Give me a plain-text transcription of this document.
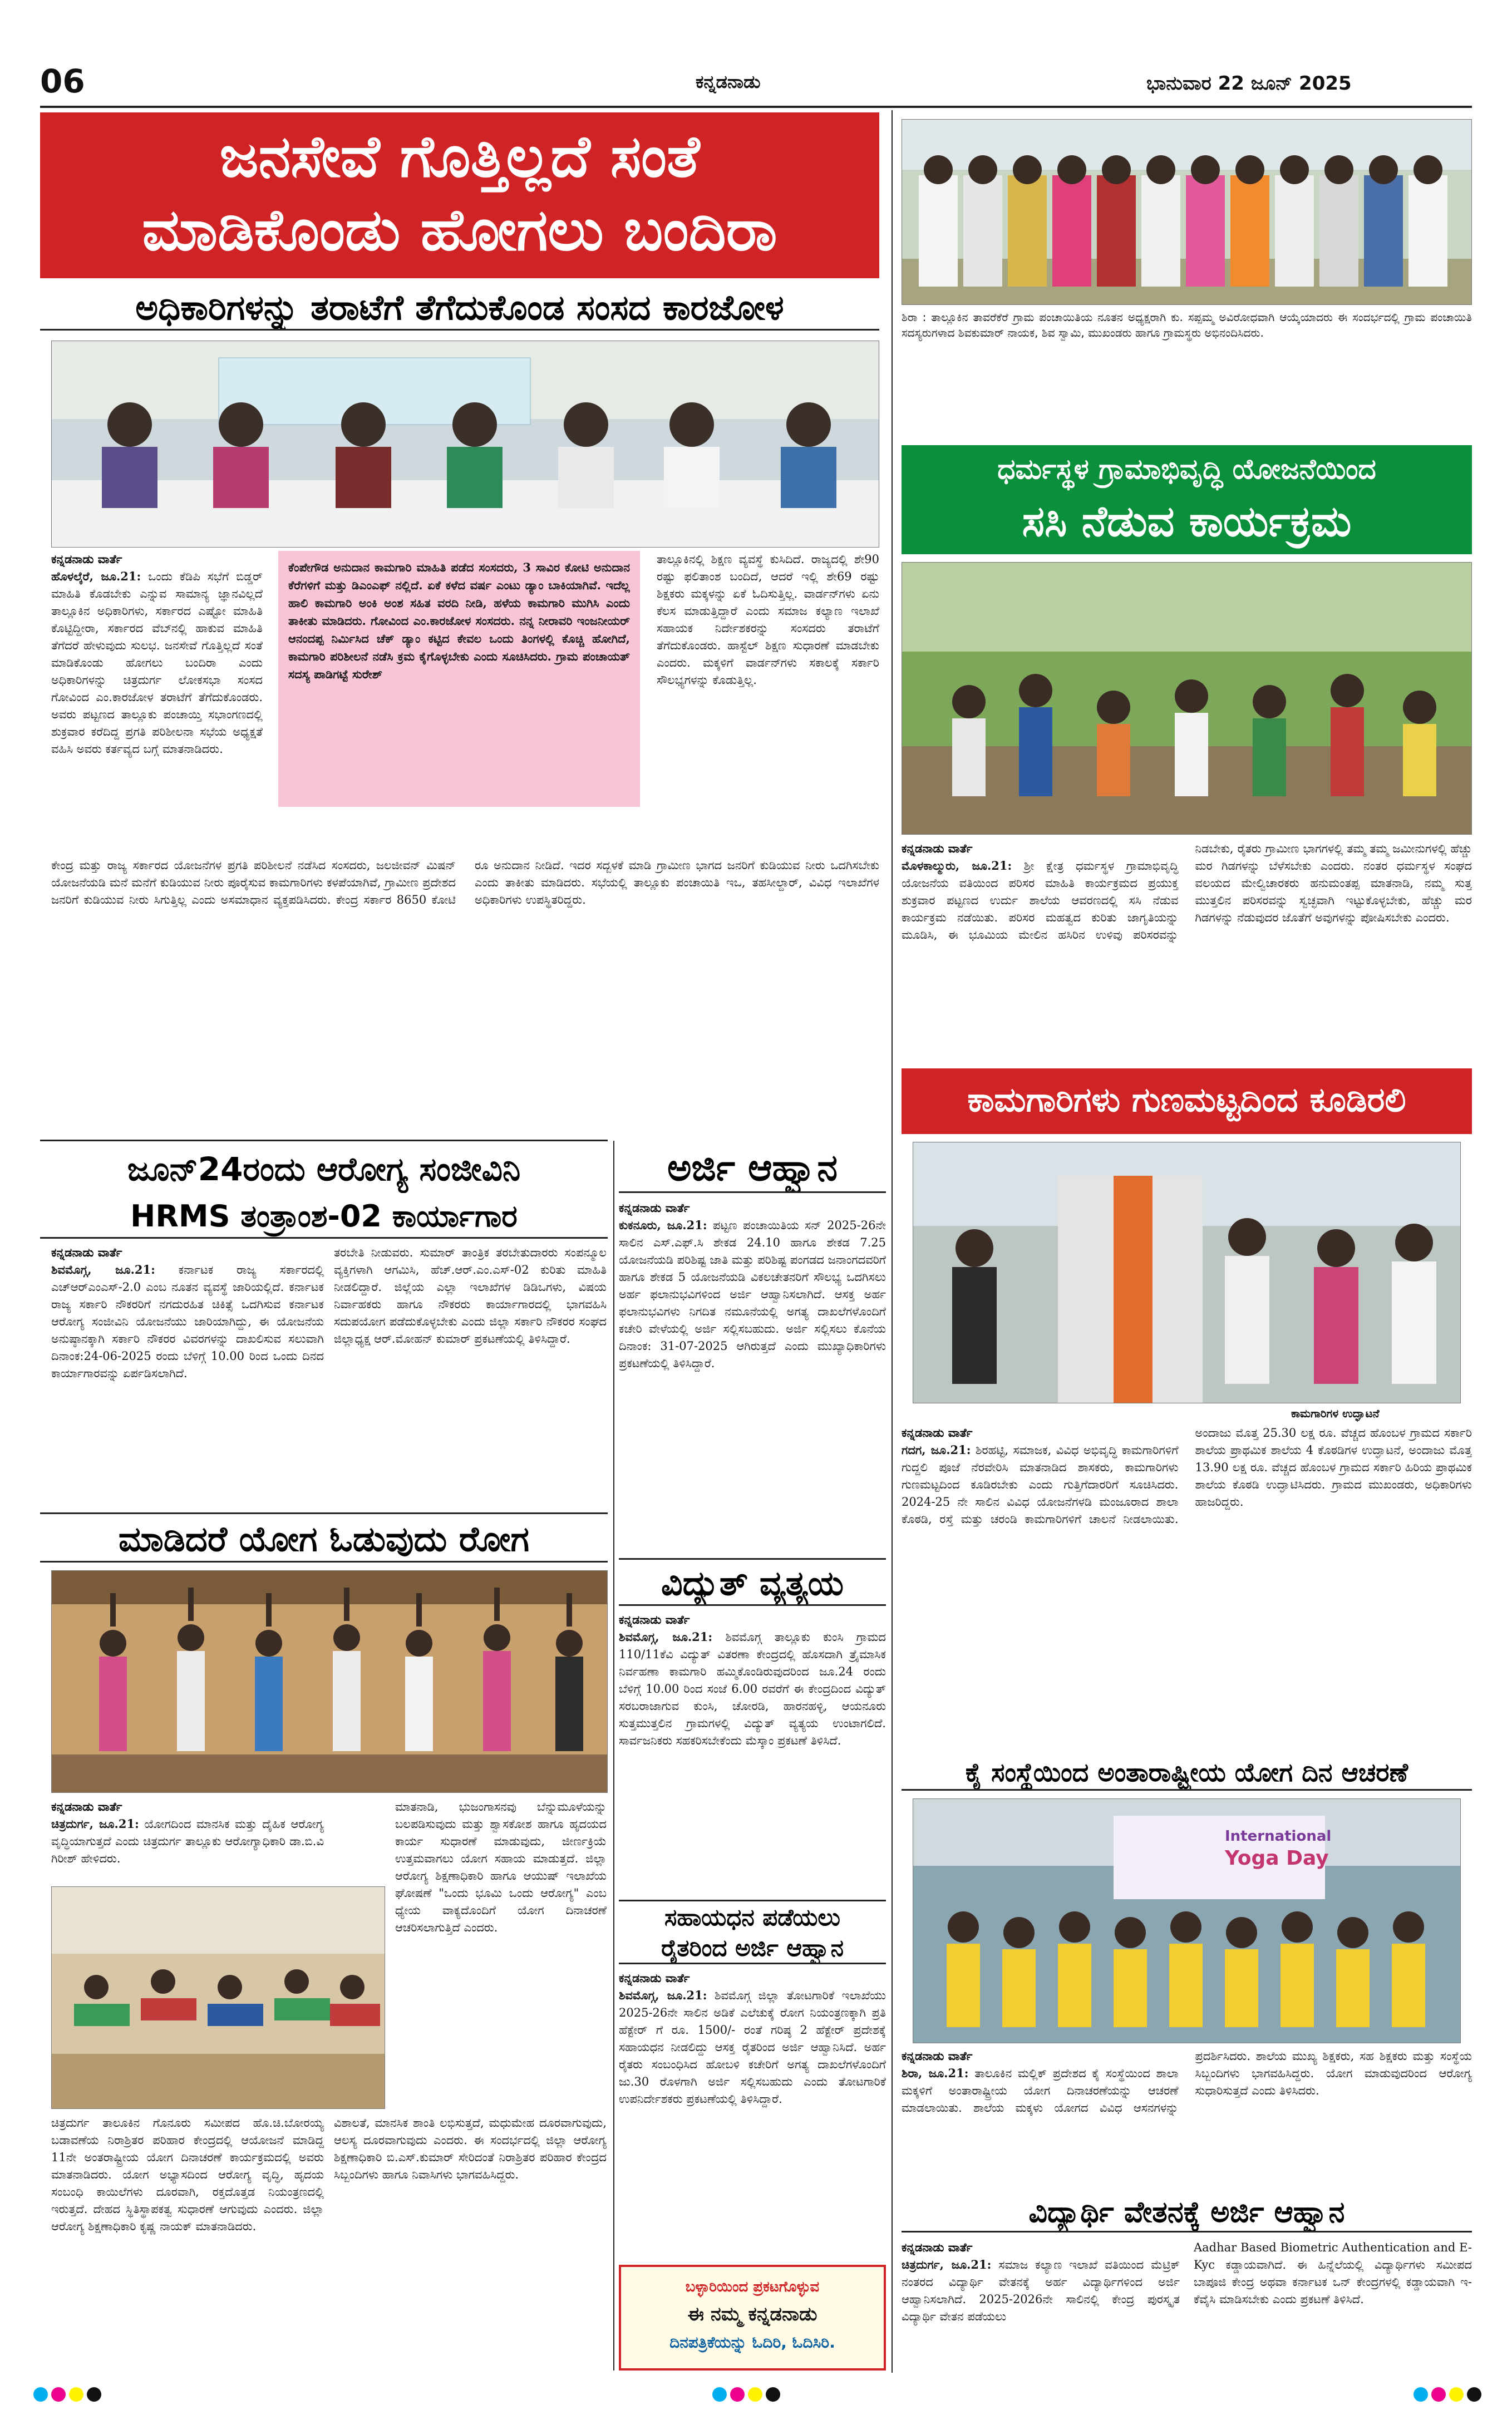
06	ಕನ್ನಡನಾಡು	ಭಾನುವಾರ 22 ಜೂನ್ 2025
ಜನಸೇವೆ ಗೊತ್ತಿಲ್ಲದೆ ಸಂತೆ
ಮಾಡಿಕೊಂಡು ಹೋಗಲು ಬಂದಿರಾ
ಅಧಿಕಾರಿಗಳನ್ನು ತರಾಟೆಗೆ ತೆಗೆದುಕೊಂಡ ಸಂಸದ ಕಾರಜೋಳ
ಕನ್ನಡನಾಡು ವಾರ್ತೆ
ಹೊಳಲ್ಕೆರೆ, ಜೂ.21: ಒಂದು ಕೆಡಿಪಿ ಸಭೆಗೆ ಬಿಡ್ಡರ್ ಮಾಹಿತಿ ಕೊಡಬೇಕು ಎನ್ನುವ ಸಾಮಾನ್ಯ ಜ್ಞಾನವಿಲ್ಲದೆ ತಾಲ್ಲೂಕಿನ ಅಧಿಕಾರಿಗಳು, ಸರ್ಕಾರದ ಎಷ್ಟೋ ಮಾಹಿತಿ ಕೊಟ್ಟಿದ್ದೀರಾ, ಸರ್ಕಾರದ ವೆಬ್‍ನಲ್ಲಿ ಹಾಕುವ ಮಾಹಿತಿ ತೆಗೆದರೆ ಹೇಳುವುದು ಸುಲಭ. ಜನಸೇವೆ ಗೊತ್ತಿಲ್ಲದೆ ಸಂತೆ ಮಾಡಿಕೊಂಡು ಹೋಗಲು ಬಂದಿರಾ ಎಂದು ಅಧಿಕಾರಿಗಳನ್ನು ಚಿತ್ರದುರ್ಗ ಲೋಕಸಭಾ ಸಂಸದ ಗೋವಿಂದ ಎಂ.ಕಾರಜೋಳ ತರಾಟೆಗೆ ತೆಗೆದುಕೊಂಡರು. ಅವರು ಪಟ್ಟಣದ ತಾಲ್ಲೂಕು ಪಂಚಾಯ್ತಿ ಸಭಾಂಗಣದಲ್ಲಿ ಶುಕ್ರವಾರ ಕರೆದಿದ್ದ ಪ್ರಗತಿ ಪರಿಶೀಲನಾ ಸಭೆಯ ಅಧ್ಯಕ್ಷತೆ ವಹಿಸಿ ಅವರು ಕರ್ತವ್ಯದ ಬಗ್ಗೆ ಮಾತನಾಡಿದರು.
ಕೆಂಪೇಗೌಡ ಅನುದಾನ ಕಾಮಗಾರಿ ಮಾಹಿತಿ ಪಡೆದ ಸಂಸದರು, 3 ಸಾವಿರ ಕೋಟಿ ಅನುದಾನ ಕೆರೆಗಳಿಗೆ ಮತ್ತು ಡಿಎಂಎಫ್ ನಲ್ಲಿದೆ. ಏಕೆ ಕಳೆದ ವರ್ಷ ಎಂಟು ಡ್ಯಾಂ ಬಾಕಿಯಾಗಿವೆ. ಇದೆಲ್ಲ ಹಾಲಿ ಕಾಮಗಾರಿ ಅಂಕಿ ಅಂಶ ಸಹಿತ ವರದಿ ನೀಡಿ, ಹಳೆಯ ಕಾಮಗಾರಿ ಮುಗಿಸಿ ಎಂದು ತಾಕೀತು ಮಾಡಿದರು. ಗೋವಿಂದ ಎಂ.ಕಾರಜೋಳ ಸಂಸದರು. ನನ್ನ ನೀರಾವರಿ ಇಂಜನೀಯರ್ ಆನಂದಪ್ಪ ನಿರ್ಮಿಸಿದ ಚೆಕ್ ಡ್ಯಾಂ ಕಟ್ಟಿದ ಕೇವಲ ಒಂದು ತಿಂಗಳಲ್ಲಿ ಕೊಚ್ಚಿ ಹೋಗಿದೆ, ಕಾಮಗಾರಿ ಪರಿಶೀಲನೆ ನಡೆಸಿ ಕ್ರಮ ಕೈಗೊಳ್ಳಬೇಕು ಎಂದು ಸೂಚಿಸಿದರು. ಗ್ರಾಮ ಪಂಚಾಯತ್ ಸದಸ್ಯ ಪಾಡಿಗಟ್ಟೆ ಸುರೇಶ್
ತಾಲ್ಲೂಕಿನಲ್ಲಿ ಶಿಕ್ಷಣ ವ್ಯವಸ್ಥೆ ಕುಸಿದಿದೆ. ರಾಜ್ಯದಲ್ಲಿ ಶೇ90 ರಷ್ಟು ಫಲಿತಾಂಶ ಬಂದಿದೆ, ಆದರೆ ಇಲ್ಲಿ ಶೇ69 ರಷ್ಟು ಶಿಕ್ಷಕರು ಮಕ್ಕಳನ್ನು ಏಕೆ ಓದಿಸುತ್ತಿಲ್ಲ. ವಾರ್ಡನ್‍ಗಳು ಏನು ಕೆಲಸ ಮಾಡುತ್ತಿದ್ದಾರೆ ಎಂದು ಸಮಾಜ ಕಲ್ಯಾಣ ಇಲಾಖೆ ಸಹಾಯಕ ನಿರ್ದೇಶಕರನ್ನು ಸಂಸದರು ತರಾಟೆಗೆ ತೆಗೆದುಕೊಂಡರು. ಹಾಸ್ಟೆಲ್ ಶಿಕ್ಷಣ ಸುಧಾರಣೆ ಮಾಡಬೇಕು ಎಂದರು. ಮಕ್ಕಳಿಗೆ ವಾರ್ಡನ್‍ಗಳು ಸಕಾಲಕ್ಕೆ ಸರ್ಕಾರಿ ಸೌಲಭ್ಯಗಳನ್ನು ಕೊಡುತ್ತಿಲ್ಲ.
ಕೇಂದ್ರ ಮತ್ತು ರಾಜ್ಯ ಸರ್ಕಾರದ ಯೋಜನೆಗಳ ಪ್ರಗತಿ ಪರಿಶೀಲನೆ ನಡೆಸಿದ ಸಂಸದರು, ಜಲಜೀವನ್ ಮಿಷನ್ ಯೋಜನೆಯಡಿ ಮನೆ ಮನೆಗೆ ಕುಡಿಯುವ ನೀರು ಪೂರೈಸುವ ಕಾಮಗಾರಿಗಳು ಕಳಪೆಯಾಗಿವೆ, ಗ್ರಾಮೀಣ ಪ್ರದೇಶದ ಜನರಿಗೆ ಕುಡಿಯುವ ನೀರು ಸಿಗುತ್ತಿಲ್ಲ ಎಂದು ಅಸಮಾಧಾನ ವ್ಯಕ್ತಪಡಿಸಿದರು. ಕೇಂದ್ರ ಸರ್ಕಾರ 8650 ಕೋಟಿ ರೂ ಅನುದಾನ ನೀಡಿದೆ. ಇದರ ಸದ್ಬಳಕೆ ಮಾಡಿ ಗ್ರಾಮೀಣ ಭಾಗದ ಜನರಿಗೆ ಕುಡಿಯುವ ನೀರು ಒದಗಿಸಬೇಕು ಎಂದು ತಾಕೀತು ಮಾಡಿದರು. ಸಭೆಯಲ್ಲಿ ತಾಲ್ಲೂಕು ಪಂಚಾಯಿತಿ ಇಒ, ತಹಸೀಲ್ದಾರ್, ವಿವಿಧ ಇಲಾಖೆಗಳ ಅಧಿಕಾರಿಗಳು ಉಪಸ್ಥಿತರಿದ್ದರು.
ಶಿರಾ : ತಾಲ್ಲೂಕಿನ ತಾವರೆಕೆರೆ ಗ್ರಾಮ ಪಂಚಾಯಿತಿಯ ನೂತನ ಅಧ್ಯಕ್ಷರಾಗಿ ಕು. ಸಪ್ಪಮ್ಮ ಅವಿರೋಧವಾಗಿ ಆಯ್ಕೆಯಾದರು ಈ ಸಂದರ್ಭದಲ್ಲಿ ಗ್ರಾಮ ಪಂಚಾಯಿತಿ ಸದಸ್ಯರುಗಳಾದ ಶಿವಕುಮಾರ್ ನಾಯಕ, ಶಿವ ಸ್ವಾಮಿ, ಮುಖಂಡರು ಹಾಗೂ ಗ್ರಾಮಸ್ಥರು ಅಭಿನಂದಿಸಿದರು.
ಧರ್ಮಸ್ಥಳ ಗ್ರಾಮಾಭಿವೃದ್ಧಿ ಯೋಜನೆಯಿಂದ
ಸಸಿ ನೆಡುವ ಕಾರ್ಯಕ್ರಮ
ಕನ್ನಡನಾಡು ವಾರ್ತೆ
ಮೊಳಕಾಲ್ಮುರು, ಜೂ.21: ಶ್ರೀ ಕ್ಷೇತ್ರ ಧರ್ಮಸ್ಥಳ ಗ್ರಾಮಾಭಿವೃದ್ಧಿ ಯೋಜನೆಯ ವತಿಯಿಂದ ಪರಿಸರ ಮಾಹಿತಿ ಕಾರ್ಯಕ್ರಮದ ಪ್ರಯುಕ್ತ ಶುಕ್ರವಾರ ಪಟ್ಟಣದ ಉರ್ದು ಶಾಲೆಯ ಆವರಣದಲ್ಲಿ ಸಸಿ ನೆಡುವ ಕಾರ್ಯಕ್ರಮ ನಡೆಯಿತು. ಪರಿಸರ ಮಹತ್ವದ ಕುರಿತು ಜಾಗೃತಿಯನ್ನು ಮೂಡಿಸಿ, ಈ ಭೂಮಿಯ ಮೇಲಿನ ಹಸಿರಿನ ಉಳಿವು ಪರಿಸರವನ್ನು ನಿಡಬೇಕು, ರೈತರು ಗ್ರಾಮೀಣ ಭಾಗಗಳಲ್ಲಿ ತಮ್ಮ ತಮ್ಮ ಜಮೀನುಗಳಲ್ಲಿ ಹೆಚ್ಚು ಮರ ಗಿಡಗಳನ್ನು ಬೆಳೆಸಬೇಕು ಎಂದರು. ನಂತರ ಧರ್ಮಸ್ಥಳ ಸಂಘದ ವಲಯದ ಮೇಲ್ವಿಚಾರಕರು ಹನುಮಂತಪ್ಪ ಮಾತನಾಡಿ, ನಮ್ಮ ಸುತ್ತ ಮುತ್ತಲಿನ ಪರಿಸರವನ್ನು ಸ್ವಚ್ಛವಾಗಿ ಇಟ್ಟುಕೊಳ್ಳಬೇಕು, ಹೆಚ್ಚು ಮರ ಗಿಡಗಳನ್ನು ನೆಡುವುದರ ಜೊತೆಗೆ ಅವುಗಳನ್ನು ಪೋಷಿಸಬೇಕು ಎಂದರು.
ಕಾಮಗಾರಿಗಳು ಗುಣಮಟ್ಟದಿಂದ ಕೂಡಿರಲಿ
ಕಾಮಗಾರಿಗಳ ಉದ್ಘಾಟನೆ
ಕನ್ನಡನಾಡು ವಾರ್ತೆ
ಗದಗ, ಜೂ.21: ಶಿರಹಟ್ಟಿ, ಸಮಾಜಕ, ವಿವಿಧ ಅಭಿವೃದ್ಧಿ ಕಾಮಗಾರಿಗಳಿಗೆ ಗುದ್ದಲಿ ಪೂಜೆ ನೆರವೇರಿಸಿ ಮಾತನಾಡಿದ ಶಾಸಕರು, ಕಾಮಗಾರಿಗಳು ಗುಣಮಟ್ಟದಿಂದ ಕೂಡಿರಬೇಕು ಎಂದು ಗುತ್ತಿಗೆದಾರರಿಗೆ ಸೂಚಿಸಿದರು. 2024-25 ನೇ ಸಾಲಿನ ವಿವಿಧ ಯೋಜನೆಗಳಡಿ ಮಂಜೂರಾದ ಶಾಲಾ ಕೊಠಡಿ, ರಸ್ತೆ ಮತ್ತು ಚರಂಡಿ ಕಾಮಗಾರಿಗಳಿಗೆ ಚಾಲನೆ ನೀಡಲಾಯಿತು. ಅಂದಾಜು ಮೊತ್ತ 25.30 ಲಕ್ಷ ರೂ. ವೆಚ್ಚದ ಹೊಂಬಳ ಗ್ರಾಮದ ಸರ್ಕಾರಿ ಶಾಲೆಯ ಪ್ರಾಥಮಿಕ ಶಾಲೆಯ 4 ಕೊಠಡಿಗಳ ಉದ್ಘಾಟನೆ, ಅಂದಾಜು ಮೊತ್ತ 13.90 ಲಕ್ಷ ರೂ. ವೆಚ್ಚದ ಹೊಂಬಳ ಗ್ರಾಮದ ಸರ್ಕಾರಿ ಹಿರಿಯ ಪ್ರಾಥಮಿಕ ಶಾಲೆಯ ಕೊಠಡಿ ಉದ್ಘಾಟಿಸಿದರು. ಗ್ರಾಮದ ಮುಖಂಡರು, ಅಧಿಕಾರಿಗಳು ಹಾಜರಿದ್ದರು.
ಕೈ ಸಂಸ್ಥೆಯಿಂದ ಅಂತಾರಾಷ್ಟ್ರೀಯ ಯೋಗ ದಿನ ಆಚರಣೆ
International
Yoga Day
ಕನ್ನಡನಾಡು ವಾರ್ತೆ
ಶಿರಾ, ಜೂ.21: ತಾಲೂಕಿನ ಮಲ್ಲಿಕ್ ಪ್ರದೇಶದ ಕೈ ಸಂಸ್ಥೆಯಿಂದ ಶಾಲಾ ಮಕ್ಕಳಿಗೆ ಅಂತಾರಾಷ್ಟ್ರೀಯ ಯೋಗ ದಿನಾಚರಣೆಯನ್ನು ಆಚರಣೆ ಮಾಡಲಾಯಿತು. ಶಾಲೆಯ ಮಕ್ಕಳು ಯೋಗದ ವಿವಿಧ ಆಸನಗಳನ್ನು ಪ್ರದರ್ಶಿಸಿದರು. ಶಾಲೆಯ ಮುಖ್ಯ ಶಿಕ್ಷಕರು, ಸಹ ಶಿಕ್ಷಕರು ಮತ್ತು ಸಂಸ್ಥೆಯ ಸಿಬ್ಬಂದಿಗಳು ಭಾಗವಹಿಸಿದ್ದರು. ಯೋಗ ಮಾಡುವುದರಿಂದ ಆರೋಗ್ಯ ಸುಧಾರಿಸುತ್ತದೆ ಎಂದು ತಿಳಿಸಿದರು.
ವಿದ್ಯಾರ್ಥಿ ವೇತನಕ್ಕೆ ಅರ್ಜಿ ಆಹ್ವಾನ
ಕನ್ನಡನಾಡು ವಾರ್ತೆ
ಚಿತ್ರದುರ್ಗ, ಜೂ.21: ಸಮಾಜ ಕಲ್ಯಾಣ ಇಲಾಖೆ ವತಿಯಿಂದ ಮೆಟ್ರಿಕ್ ನಂತರದ ವಿದ್ಯಾರ್ಥಿ ವೇತನಕ್ಕೆ ಅರ್ಹ ವಿದ್ಯಾರ್ಥಿಗಳಿಂದ ಅರ್ಜಿ ಆಹ್ವಾನಿಸಲಾಗಿದೆ. 2025-2026ನೇ ಸಾಲಿನಲ್ಲಿ ಕೇಂದ್ರ ಪುರಸ್ಕೃತ ವಿದ್ಯಾರ್ಥಿ ವೇತನ ಪಡೆಯಲು
Aadhar Based Biometric Authentication and E-Kyc ಕಡ್ಡಾಯವಾಗಿದೆ. ಈ ಹಿನ್ನೆಲೆಯಲ್ಲಿ ವಿದ್ಯಾರ್ಥಿಗಳು ಸಮೀಪದ ಬಾಪೂಜಿ ಕೇಂದ್ರ ಅಥವಾ ಕರ್ನಾಟಕ ಒನ್ ಕೇಂದ್ರಗಳಲ್ಲಿ ಕಡ್ಡಾಯವಾಗಿ ಇ-ಕೆವೈಸಿ ಮಾಡಿಸಬೇಕು ಎಂದು ಪ್ರಕಟಣೆ ತಿಳಿಸಿದೆ.
ಜೂನ್24ರಂದು ಆರೋಗ್ಯ ಸಂಜೀವಿನಿ
HRMS ತಂತ್ರಾಂಶ-02 ಕಾರ್ಯಾಗಾರ
ಕನ್ನಡನಾಡು ವಾರ್ತೆ
ಶಿವಮೊಗ್ಗ, ಜೂ.21: ಕರ್ನಾಟಕ ರಾಜ್ಯ ಸರ್ಕಾರದಲ್ಲಿ ಎಚ್‍ಆರ್‍ಎಂಎಸ್-2.0 ಎಂಬ ನೂತನ ವ್ಯವಸ್ಥೆ ಜಾರಿಯಲ್ಲಿದೆ. ಕರ್ನಾಟಕ ರಾಜ್ಯ ಸರ್ಕಾರಿ ನೌಕರರಿಗೆ ನಗದುರಹಿತ ಚಿಕಿತ್ಸೆ ಒದಗಿಸುವ ಕರ್ನಾಟಕ ಆರೋಗ್ಯ ಸಂಜೀವಿನಿ ಯೋಜನೆಯು ಜಾರಿಯಾಗಿದ್ದು, ಈ ಯೋಜನೆಯ ಅನುಷ್ಠಾನಕ್ಕಾಗಿ ಸರ್ಕಾರಿ ನೌಕರರ ವಿವರಗಳನ್ನು ದಾಖಲಿಸುವ ಸಲುವಾಗಿ ದಿನಾಂಕ:24-06-2025 ರಂದು ಬೆಳಿಗ್ಗೆ 10.00 ರಿಂದ ಒಂದು ದಿನದ ಕಾರ್ಯಾಗಾರವನ್ನು ಏರ್ಪಡಿಸಲಾಗಿದೆ.
ತರಬೇತಿ ನೀಡುವರು. ಸುಮಾರ್ ತಾಂತ್ರಿಕ ತರಬೇತುದಾರರು ಸಂಪನ್ಮೂಲ ವ್ಯಕ್ತಿಗಳಾಗಿ ಆಗಮಿಸಿ, ಹೆಚ್.ಆರ್.ಎಂ.ಎಸ್-02 ಕುರಿತು ಮಾಹಿತಿ ನೀಡಲಿದ್ದಾರೆ. ಜಿಲ್ಲೆಯ ಎಲ್ಲಾ ಇಲಾಖೆಗಳ ಡಿಡಿಒಗಳು, ವಿಷಯ ನಿರ್ವಾಹಕರು ಹಾಗೂ ನೌಕರರು ಕಾರ್ಯಾಗಾರದಲ್ಲಿ ಭಾಗವಹಿಸಿ ಸದುಪಯೋಗ ಪಡೆದುಕೊಳ್ಳಬೇಕು ಎಂದು ಜಿಲ್ಲಾ ಸರ್ಕಾರಿ ನೌಕರರ ಸಂಘದ ಜಿಲ್ಲಾಧ್ಯಕ್ಷ ಆರ್.ಮೋಹನ್ ಕುಮಾರ್ ಪ್ರಕಟಣೆಯಲ್ಲಿ ತಿಳಿಸಿದ್ದಾರೆ.
ಮಾಡಿದರೆ ಯೋಗ ಓಡುವುದು ರೋಗ
ಕನ್ನಡನಾಡು ವಾರ್ತೆ
ಚಿತ್ರದುರ್ಗ, ಜೂ.21: ಯೋಗದಿಂದ ಮಾನಸಿಕ ಮತ್ತು ದೈಹಿಕ ಆರೋಗ್ಯ ವೃದ್ಧಿಯಾಗುತ್ತದೆ ಎಂದು ಚಿತ್ರದುರ್ಗ ತಾಲ್ಲೂಕು ಆರೋಗ್ಯಾಧಿಕಾರಿ ಡಾ.ಬಿ.ವಿ ಗಿರೀಶ್ ಹೇಳಿದರು.
ಮಾತನಾಡಿ, ಭುಜಂಗಾಸನವು ಬೆನ್ನುಮೂಳೆಯನ್ನು ಬಲಪಡಿಸುವುದು ಮತ್ತು ಶ್ವಾಸಕೋಶ ಹಾಗೂ ಹೃದಯದ ಕಾರ್ಯ ಸುಧಾರಣೆ ಮಾಡುವುದು, ಜೀರ್ಣಕ್ರಿಯೆ ಉತ್ತಮವಾಗಲು ಯೋಗ ಸಹಾಯ ಮಾಡುತ್ತದೆ. ಜಿಲ್ಲಾ ಆರೋಗ್ಯ ಶಿಕ್ಷಣಾಧಿಕಾರಿ ಹಾಗೂ ಆಯುಷ್ ಇಲಾಖೆಯ ಘೋಷಣೆ "ಒಂದು ಭೂಮಿ ಒಂದು ಆರೋಗ್ಯ" ಎಂಬ ಧ್ಯೇಯ ವಾಕ್ಯದೊಂದಿಗೆ ಯೋಗ ದಿನಾಚರಣೆ ಆಚರಿಸಲಾಗುತ್ತಿದೆ ಎಂದರು.
ಚಿತ್ರದುರ್ಗ ತಾಲೂಕಿನ ಗೊನೂರು ಸಮೀಪದ ಹೊ.ಚಿ.ಬೋರಯ್ಯ ಬಡಾವಣೆಯ ನಿರಾಶ್ರಿತರ ಪರಿಹಾರ ಕೇಂದ್ರದಲ್ಲಿ ಆಯೋಜನೆ ಮಾಡಿದ್ದ 11ನೇ ಅಂತರಾಷ್ಟ್ರೀಯ ಯೋಗ ದಿನಾಚರಣೆ ಕಾರ್ಯಕ್ರಮದಲ್ಲಿ ಅವರು ಮಾತನಾಡಿದರು. ಯೋಗ ಅಭ್ಯಾಸದಿಂದ ಆರೋಗ್ಯ ವೃದ್ಧಿ, ಹೃದಯ ಸಂಬಂಧಿ ಕಾಯಿಲೆಗಳು ದೂರವಾಗಿ, ರಕ್ತದೊತ್ತಡ ನಿಯಂತ್ರಣದಲ್ಲಿ ಇರುತ್ತದೆ. ದೇಹದ ಸ್ಥಿತಿಸ್ಥಾಪಕತ್ವ ಸುಧಾರಣೆ ಆಗುವುದು ಎಂದರು. ಜಿಲ್ಲಾ ಆರೋಗ್ಯ ಶಿಕ್ಷಣಾಧಿಕಾರಿ ಕೃಷ್ಣ ನಾಯಕ್ ಮಾತನಾಡಿದರು.
ವಿಶಾಲತೆ, ಮಾನಸಿಕ ಶಾಂತಿ ಲಭಿಸುತ್ತದೆ, ಮಧುಮೇಹ ದೂರವಾಗುವುದು, ಆಲಸ್ಯ ದೂರವಾಗುವುದು ಎಂದರು. ಈ ಸಂದರ್ಭದಲ್ಲಿ ಜಿಲ್ಲಾ ಆರೋಗ್ಯ ಶಿಕ್ಷಣಾಧಿಕಾರಿ ಬಿ.ಎಸ್.ಕುಮಾರ್ ಸೇರಿದಂತೆ ನಿರಾಶ್ರಿತರ ಪರಿಹಾರ ಕೇಂದ್ರದ ಸಿಬ್ಬಂದಿಗಳು ಹಾಗೂ ನಿವಾಸಿಗಳು ಭಾಗವಹಿಸಿದ್ದರು.
ಅರ್ಜಿ ಆಹ್ವಾನ
ಕನ್ನಡನಾಡು ವಾರ್ತೆ
ಕುಕನೂರು, ಜೂ.21: ಪಟ್ಟಣ ಪಂಚಾಯಿತಿಯ ಸನ್ 2025-26ನೇ ಸಾಲಿನ ಎಸ್.ಎಫ್.ಸಿ ಶೇಕಡ 24.10 ಹಾಗೂ ಶೇಕಡ 7.25 ಯೋಜನೆಯಡಿ ಪರಿಶಿಷ್ಟ ಜಾತಿ ಮತ್ತು ಪರಿಶಿಷ್ಟ ಪಂಗಡದ ಜನಾಂಗದವರಿಗೆ ಹಾಗೂ ಶೇಕಡ 5 ಯೋಜನೆಯಡಿ ವಿಕಲಚೇತನರಿಗೆ ಸೌಲಭ್ಯ ಒದಗಿಸಲು ಅರ್ಹ ಫಲಾನುಭವಿಗಳಿಂದ ಅರ್ಜಿ ಆಹ್ವಾನಿಸಲಾಗಿದೆ. ಆಸಕ್ತ ಅರ್ಹ ಫಲಾನುಭವಿಗಳು ನಿಗದಿತ ನಮೂನೆಯಲ್ಲಿ ಅಗತ್ಯ ದಾಖಲೆಗಳೊಂದಿಗೆ ಕಚೇರಿ ವೇಳೆಯಲ್ಲಿ ಅರ್ಜಿ ಸಲ್ಲಿಸಬಹುದು. ಅರ್ಜಿ ಸಲ್ಲಿಸಲು ಕೊನೆಯ ದಿನಾಂಕ: 31-07-2025 ಆಗಿರುತ್ತದೆ ಎಂದು ಮುಖ್ಯಾಧಿಕಾರಿಗಳು ಪ್ರಕಟಣೆಯಲ್ಲಿ ತಿಳಿಸಿದ್ದಾರೆ.
ವಿದ್ಯುತ್ ವ್ಯತ್ಯಯ
ಕನ್ನಡನಾಡು ವಾರ್ತೆ
ಶಿವಮೊಗ್ಗ, ಜೂ.21: ಶಿವಮೊಗ್ಗ ತಾಲ್ಲೂಕು ಕುಂಸಿ ಗ್ರಾಮದ 110/11ಕೆವಿ ವಿದ್ಯುತ್ ವಿತರಣಾ ಕೇಂದ್ರದಲ್ಲಿ ಹೊಸದಾಗಿ ತ್ರೈಮಾಸಿಕ ನಿರ್ವಹಣಾ ಕಾಮಗಾರಿ ಹಮ್ಮಿಕೊಂಡಿರುವುದರಿಂದ ಜೂ.24 ರಂದು ಬೆಳಿಗ್ಗೆ 10.00 ರಿಂದ ಸಂಜೆ 6.00 ರವರೆಗೆ ಈ ಕೇಂದ್ರದಿಂದ ವಿದ್ಯುತ್ ಸರಬರಾಜಾಗುವ ಕುಂಸಿ, ಚೋರಡಿ, ಹಾರನಹಳ್ಳಿ, ಆಯನೂರು ಸುತ್ತಮುತ್ತಲಿನ ಗ್ರಾಮಗಳಲ್ಲಿ ವಿದ್ಯುತ್ ವ್ಯತ್ಯಯ ಉಂಟಾಗಲಿದೆ. ಸಾರ್ವಜನಿಕರು ಸಹಕರಿಸಬೇಕೆಂದು ಮೆಸ್ಕಾಂ ಪ್ರಕಟಣೆ ತಿಳಿಸಿದೆ.
ಸಹಾಯಧನ ಪಡೆಯಲು
ರೈತರಿಂದ ಅರ್ಜಿ ಆಹ್ವಾನ
ಕನ್ನಡನಾಡು ವಾರ್ತೆ
ಶಿವಮೊಗ್ಗ, ಜೂ.21: ಶಿವಮೊಗ್ಗ ಜಿಲ್ಲಾ ತೋಟಗಾರಿಕೆ ಇಲಾಖೆಯು 2025-26ನೇ ಸಾಲಿನ ಅಡಿಕೆ ಎಲೆಚುಕ್ಕೆ ರೋಗ ನಿಯಂತ್ರಣಕ್ಕಾಗಿ ಪ್ರತಿ ಹೆಕ್ಟೇರ್ ಗೆ ರೂ. 1500/- ರಂತೆ ಗರಿಷ್ಠ 2 ಹೆಕ್ಟೇರ್ ಪ್ರದೇಶಕ್ಕೆ ಸಹಾಯಧನ ನೀಡಲಿದ್ದು ಆಸಕ್ತ ರೈತರಿಂದ ಅರ್ಜಿ ಆಹ್ವಾನಿಸಿದೆ. ಅರ್ಹ ರೈತರು ಸಂಬಂಧಿಸಿದ ಹೋಬಳಿ ಕಚೇರಿಗೆ ಅಗತ್ಯ ದಾಖಲೆಗಳೊಂದಿಗೆ ಜು.30 ರೊಳಗಾಗಿ ಅರ್ಜಿ ಸಲ್ಲಿಸಬಹುದು ಎಂದು ತೋಟಗಾರಿಕೆ ಉಪನಿರ್ದೇಶಕರು ಪ್ರಕಟಣೆಯಲ್ಲಿ ತಿಳಿಸಿದ್ದಾರೆ.
ಬಳ್ಳಾರಿಯಿಂದ ಪ್ರಕಟಗೊಳ್ಳುವ
ಈ ನಮ್ಮ ಕನ್ನಡನಾಡು
ದಿನಪತ್ರಿಕೆಯನ್ನು ಓದಿರಿ, ಓದಿಸಿರಿ.
